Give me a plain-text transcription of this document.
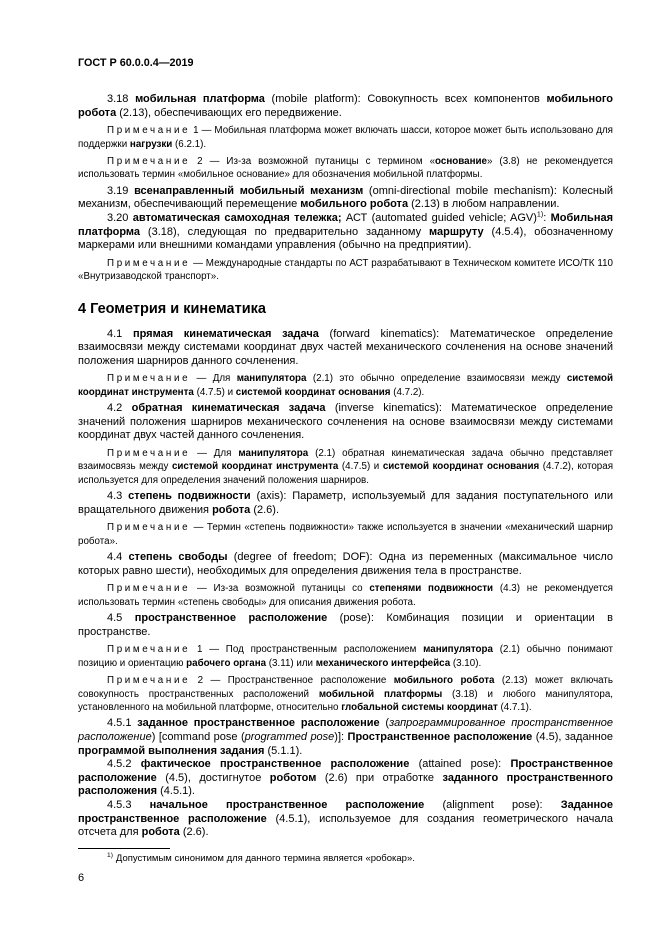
ГОСТ Р 60.0.0.4—2019

3.18 мобильная платформа (mobile platform): Совокупность всех компонентов мобильного робота (2.13), обеспечивающих его передвижение.

Примечание 1 — Мобильная платформа может включать шасси, которое может быть использовано для поддержки нагрузки (6.2.1).

Примечание 2 — Из-за возможной путаницы с термином «основание» (3.8) не рекомендуется использовать термин «мобильное основание» для обозначения мобильной платформы.

3.19 всенаправленный мобильный механизм (omni-directional mobile mechanism): Колесный механизм, обеспечивающий перемещение мобильного робота (2.13) в любом направлении.

3.20 автоматическая самоходная тележка; АСТ (automated guided vehicle; AGV)$^{1)}$: Мобильная платформа (3.18), следующая по предварительно заданному маршруту (4.5.4), обозначенному маркерами или внешними командами управления (обычно на предприятии).

Примечание — Международные стандарты по АСТ разрабатывают в Техническом комитете ИСО/ТК 110 «Внутризаводской транспорт».

4 Геометрия и кинематика

4.1 прямая кинематическая задача (forward kinematics): Математическое определение взаимосвязи между системами координат двух частей механического сочленения на основе значений положения шарниров данного сочленения.

Примечание — Для манипулятора (2.1) это обычно определение взаимосвязи между системой координат инструмента (4.7.5) и системой координат основания (4.7.2).

4.2 обратная кинематическая задача (inverse kinematics): Математическое определение значений положения шарниров механического сочленения на основе взаимосвязи между системами координат двух частей данного сочленения.

Примечание — Для манипулятора (2.1) обратная кинематическая задача обычно представляет взаимосвязь между системой координат инструмента (4.7.5) и системой координат основания (4.7.2), которая используется для определения значений положения шарниров.

4.3 степень подвижности (axis): Параметр, используемый для задания поступательного или вращательного движения робота (2.6).

Примечание — Термин «степень подвижности» также используется в значении «механический шарнир робота».

4.4 степень свободы (degree of freedom; DOF): Одна из переменных (максимальное число которых равно шести), необходимых для определения движения тела в пространстве.

Примечание — Из-за возможной путаницы со степенями подвижности (4.3) не рекомендуется использовать термин «степень свободы» для описания движения робота.

4.5 пространственное расположение (pose): Комбинация позиции и ориентации в пространстве.

Примечание 1 — Под пространственным расположением манипулятора (2.1) обычно понимают позицию и ориентацию рабочего органа (3.11) или механического интерфейса (3.10).

Примечание 2 — Пространственное расположение мобильного робота (2.13) может включать совокупность пространственных расположений мобильной платформы (3.18) и любого манипулятора, установленного на мобильной платформе, относительно глобальной системы координат (4.7.1).

4.5.1 заданное пространственное расположение (запрограммированное пространственное расположение) [command pose (programmed pose)]: Пространственное расположение (4.5), заданное программой выполнения задания (5.1.1).

4.5.2 фактическое пространственное расположение (attained pose): Пространственное расположение (4.5), достигнутое роботом (2.6) при отработке заданного пространственного расположения (4.5.1).

4.5.3 начальное пространственное расположение (alignment pose): Заданное пространственное расположение (4.5.1), используемое для создания геометрического начала отсчета для робота (2.6).

$^{1)}$ Допустимым синонимом для данного термина является «робокар».
6
